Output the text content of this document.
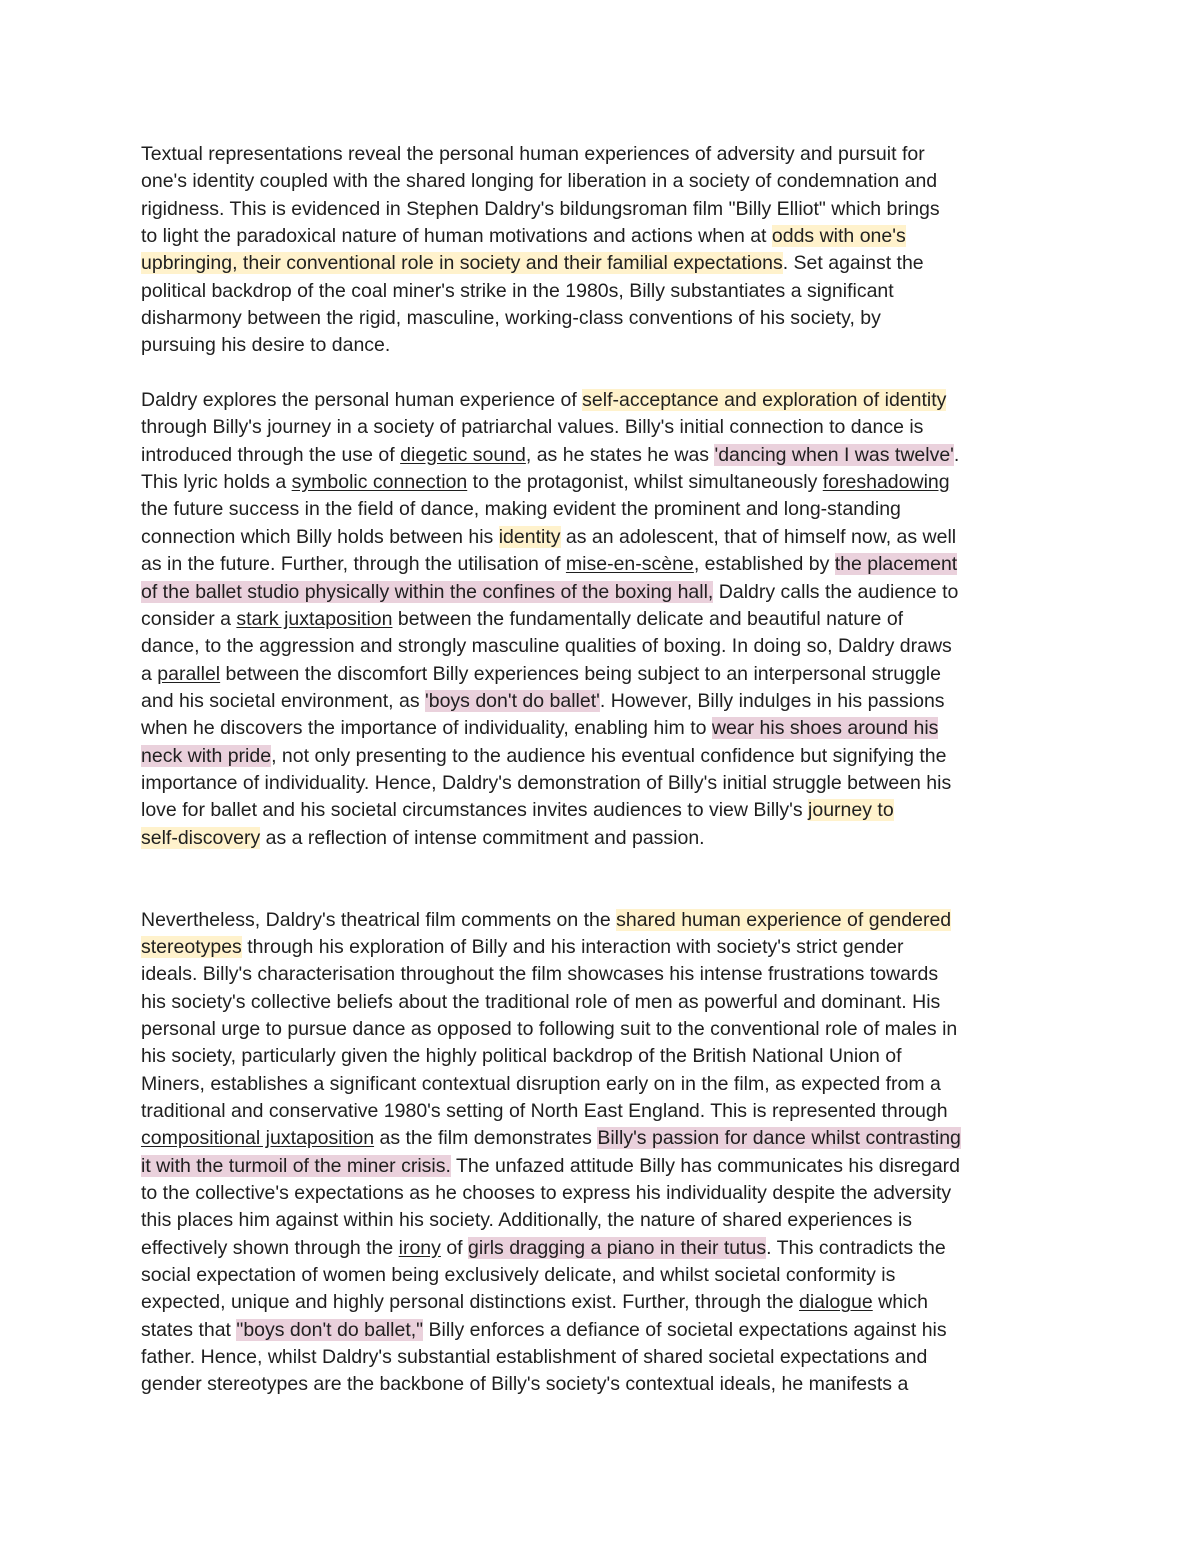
Textual representations reveal the personal human experiences of adversity and pursuit for
one's identity coupled with the shared longing for liberation in a society of condemnation and
rigidness. This is evidenced in Stephen Daldry's bildungsroman film "Billy Elliot" which brings
to light the paradoxical nature of human motivations and actions when at odds with one's
upbringing, their conventional role in society and their familial expectations. Set against the
political backdrop of the coal miner's strike in the 1980s, Billy substantiates a significant
disharmony between the rigid, masculine, working-class conventions of his society, by
pursuing his desire to dance.
Daldry explores the personal human experience of self-acceptance and exploration of identity
through Billy's journey in a society of patriarchal values. Billy's initial connection to dance is
introduced through the use of diegetic sound, as he states he was 'dancing when I was twelve'.
This lyric holds a symbolic connection to the protagonist, whilst simultaneously foreshadowing
the future success in the field of dance, making evident the prominent and long-standing
connection which Billy holds between his identity as an adolescent, that of himself now, as well
as in the future. Further, through the utilisation of mise-en-scène, established by the placement
of the ballet studio physically within the confines of the boxing hall, Daldry calls the audience to
consider a stark juxtaposition between the fundamentally delicate and beautiful nature of
dance, to the aggression and strongly masculine qualities of boxing. In doing so, Daldry draws
a parallel between the discomfort Billy experiences being subject to an interpersonal struggle
and his societal environment, as 'boys don't do ballet'. However, Billy indulges in his passions
when he discovers the importance of individuality, enabling him to wear his shoes around his
neck with pride, not only presenting to the audience his eventual confidence but signifying the
importance of individuality. Hence, Daldry's demonstration of Billy's initial struggle between his
love for ballet and his societal circumstances invites audiences to view Billy's journey to
self-discovery as a reflection of intense commitment and passion.
Nevertheless, Daldry's theatrical film comments on the shared human experience of gendered
stereotypes through his exploration of Billy and his interaction with society's strict gender
ideals. Billy's characterisation throughout the film showcases his intense frustrations towards
his society's collective beliefs about the traditional role of men as powerful and dominant. His
personal urge to pursue dance as opposed to following suit to the conventional role of males in
his society, particularly given the highly political backdrop of the British National Union of
Miners, establishes a significant contextual disruption early on in the film, as expected from a
traditional and conservative 1980's setting of North East England. This is represented through
compositional juxtaposition as the film demonstrates Billy's passion for dance whilst contrasting
it with the turmoil of the miner crisis. The unfazed attitude Billy has communicates his disregard
to the collective's expectations as he chooses to express his individuality despite the adversity
this places him against within his society. Additionally, the nature of shared experiences is
effectively shown through the irony of girls dragging a piano in their tutus. This contradicts the
social expectation of women being exclusively delicate, and whilst societal conformity is
expected, unique and highly personal distinctions exist. Further, through the dialogue which
states that "boys don't do ballet," Billy enforces a defiance of societal expectations against his
father. Hence, whilst Daldry's substantial establishment of shared societal expectations and
gender stereotypes are the backbone of Billy's society's contextual ideals, he manifests a
